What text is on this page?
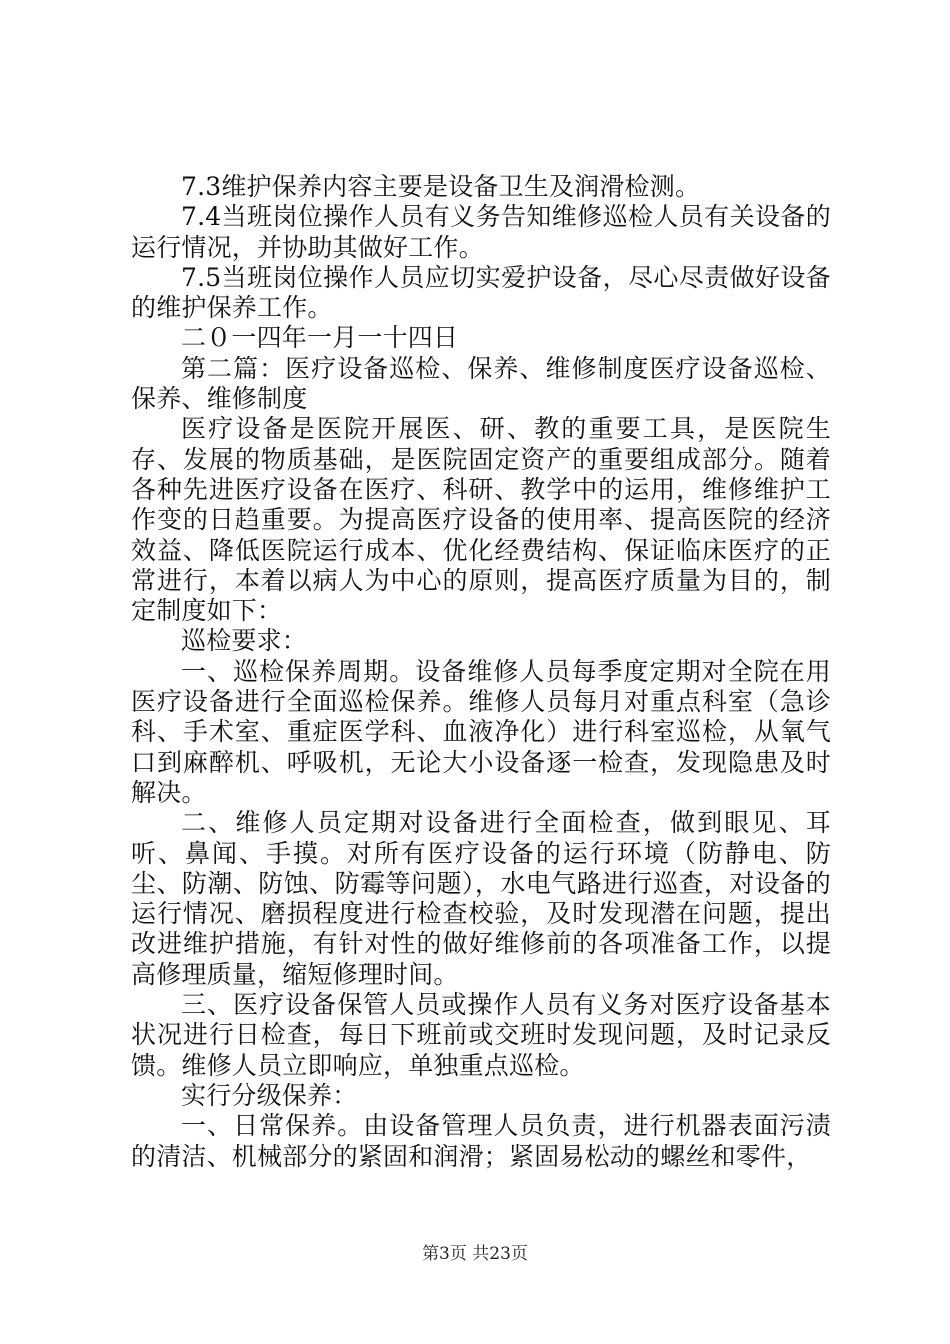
7.3维护保养内容主要是设备卫生及润滑检测。

7.4当班岗位操作人员有义务告知维修巡检人员有关设备的运行情况，并协助其做好工作。

7.5当班岗位操作人员应切实爱护设备，尽心尽责做好设备的维护保养工作。

二０一四年一月一十四日

第二篇：医疗设备巡检、保养、维修制度医疗设备巡检、保养、维修制度

医疗设备是医院开展医、研、教的重要工具，是医院生存、发展的物质基础，是医院固定资产的重要组成部分。随着各种先进医疗设备在医疗、科研、教学中的运用，维修维护工作变的日趋重要。为提高医疗设备的使用率、提高医院的经济效益、降低医院运行成本、优化经费结构、保证临床医疗的正常进行，本着以病人为中心的原则，提高医疗质量为目的，制定制度如下：

巡检要求：

一、巡检保养周期。设备维修人员每季度定期对全院在用医疗设备进行全面巡检保养。维修人员每月对重点科室（急诊科、手术室、重症医学科、血液净化）进行科室巡检，从氧气口到麻醉机、呼吸机，无论大小设备逐一检查，发现隐患及时解决。

二、维修人员定期对设备进行全面检查，做到眼见、耳听、鼻闻、手摸。对所有医疗设备的运行环境（防静电、防尘、防潮、防蚀、防霉等问题），水电气路进行巡查，对设备的运行情况、磨损程度进行检查校验，及时发现潜在问题，提出改进维护措施，有针对性的做好维修前的各项准备工作，以提高修理质量，缩短修理时间。

三、医疗设备保管人员或操作人员有义务对医疗设备基本状况进行日检查，每日下班前或交班时发现问题，及时记录反馈。维修人员立即响应，单独重点巡检。

实行分级保养：

一、日常保养。由设备管理人员负责，进行机器表面污渍的清洁、机械部分的紧固和润滑；紧固易松动的螺丝和零件，

第3页 共23页
